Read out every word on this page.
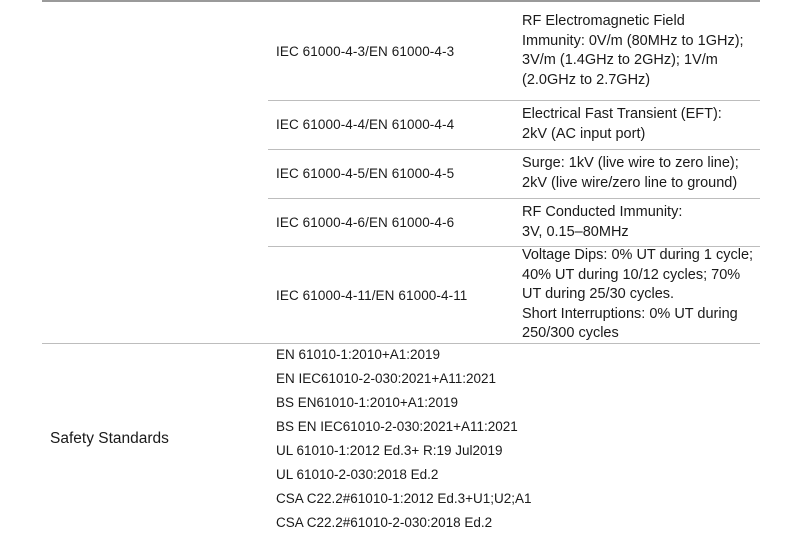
IEC 61000-4-3/EN 61000-4-3
RF Electromagnetic Field
Immunity: 0V/m (80MHz to 1GHz);
3V/m (1.4GHz to 2GHz); 1V/m
(2.0GHz to 2.7GHz)
IEC 61000-4-4/EN 61000-4-4
Electrical Fast Transient (EFT):
2kV (AC input port)
IEC 61000-4-5/EN 61000-4-5
Surge: 1kV (live wire to zero line);
2kV (live wire/zero line to ground)
IEC 61000-4-6/EN 61000-4-6
RF Conducted Immunity:
3V, 0.15–80MHz
IEC 61000-4-11/EN 61000-4-11
Voltage Dips: 0% UT during 1 cycle;
40% UT during 10/12 cycles; 70%
UT during 25/30 cycles.
Short Interruptions: 0% UT during
250/300 cycles
Safety Standards
EN 61010-1:2010+A1:2019
EN IEC61010-2-030:2021+A11:2021
BS EN61010-1:2010+A1:2019
BS EN IEC61010-2-030:2021+A11:2021
UL 61010-1:2012 Ed.3+ R:19 Jul2019
UL 61010-2-030:2018 Ed.2
CSA C22.2#61010-1:2012 Ed.3+U1;U2;A1
CSA C22.2#61010-2-030:2018 Ed.2
